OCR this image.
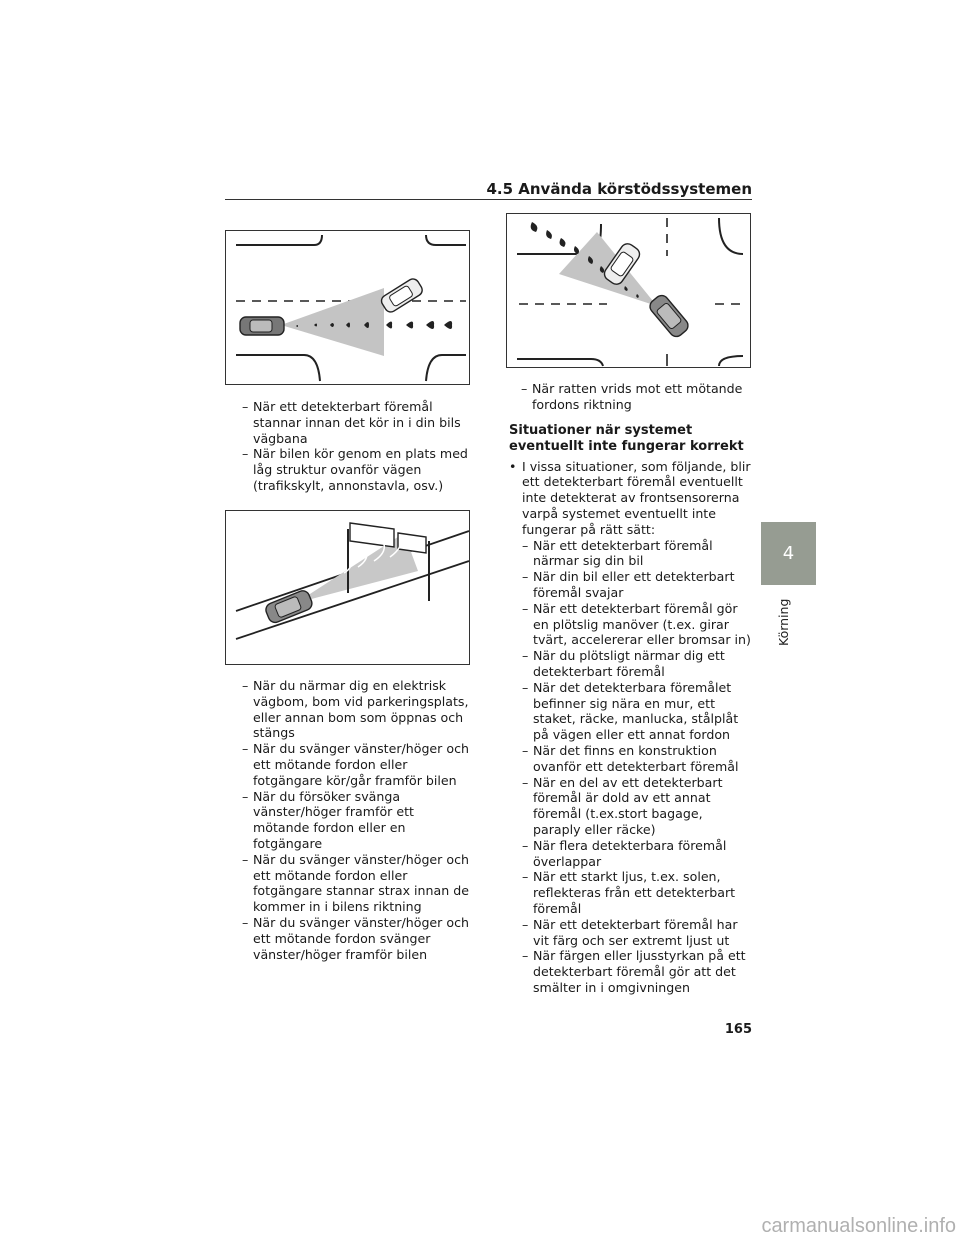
4.5 Använda körstödssystemen
– När ett detekterbart föremål stannar innan det kör in i din bils vägbana
– När bilen kör genom en plats med låg struktur ovanför vägen (trafikskylt, annonstavla, osv.)
– När du närmar dig en elektrisk vägbom, bom vid parkeringsplats, eller annan bom som öppnas och stängs
– När du svänger vänster/höger och ett mötande fordon eller fotgängare kör/går framför bilen
– När du försöker svänga vänster/höger framför ett mötande fordon eller en fotgängare
– När du svänger vänster/höger och ett mötande fordon eller fotgängare stannar strax innan de kommer in i bilens riktning
– När du svänger vänster/höger och ett mötande fordon svänger vänster/höger framför bilen
– När ratten vrids mot ett mötande fordons riktning
Situationer när systemet eventuellt inte fungerar korrekt
• I vissa situationer, som följande, blir ett detekterbart föremål eventuellt inte detekterat av frontsensorerna varpå systemet eventuellt inte fungerar på rätt sätt:
– När ett detekterbart föremål närmar sig din bil
– När din bil eller ett detekterbart föremål svajar
– När ett detekterbart föremål gör en plötslig manöver (t.ex. girar tvärt, accelererar eller bromsar in)
– När du plötsligt närmar dig ett detekterbart föremål
– När det detekterbara föremålet befinner sig nära en mur, ett staket, räcke, manlucka, stålplåt på vägen eller ett annat fordon
– När det finns en konstruktion ovanför ett detekterbart föremål
– När en del av ett detekterbart föremål är dold av ett annat föremål (t.ex.stort bagage, paraply eller räcke)
– När flera detekterbara föremål överlappar
– När ett starkt ljus, t.ex. solen, reflekteras från ett detekterbart föremål
– När ett detekterbart föremål har vit färg och ser extremt ljust ut
– När färgen eller ljusstyrkan på ett detekterbart föremål gör att det smälter in i omgivningen
4
Körning
165
carmanualsonline.info
